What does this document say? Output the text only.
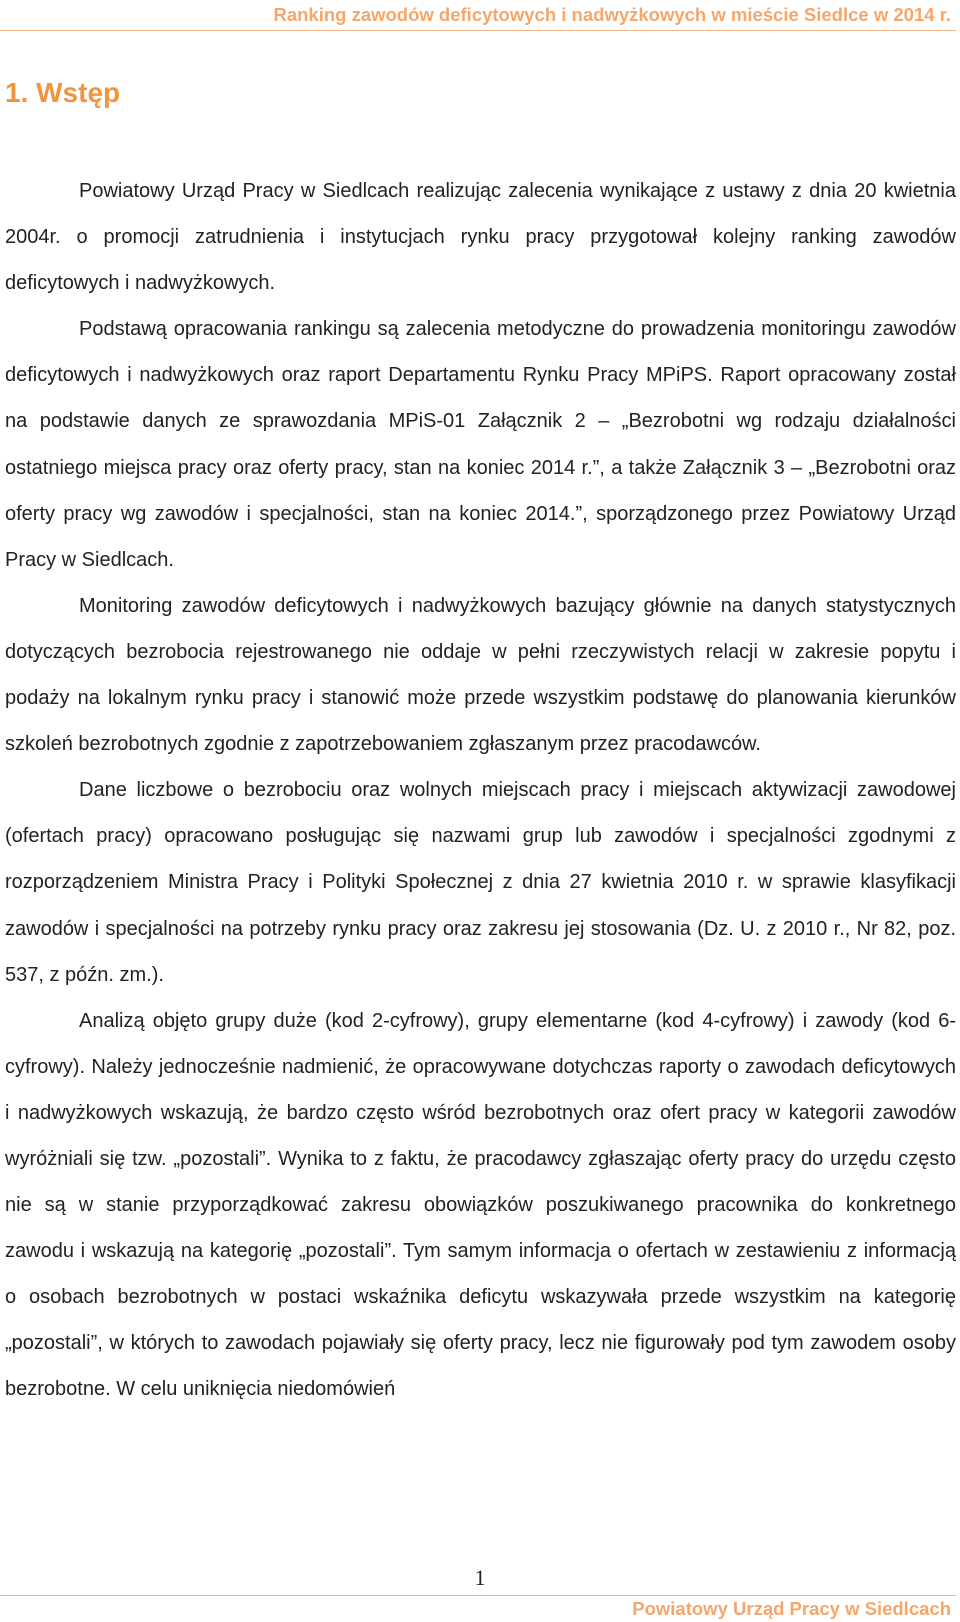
Ranking zawodów deficytowych i nadwyżkowych w mieście Siedlce w 2014 r.
1. Wstęp

Powiatowy Urząd Pracy w Siedlcach realizując zalecenia wynikające z ustawy z dnia 20 kwietnia 2004r. o promocji zatrudnienia i instytucjach rynku pracy przygotował kolejny ranking zawodów deficytowych i nadwyżkowych.

Podstawą opracowania rankingu są zalecenia metodyczne do prowadzenia monitoringu zawodów deficytowych i nadwyżkowych oraz raport Departamentu Rynku Pracy MPiPS. Raport opracowany został na podstawie danych ze sprawozdania MPiS-01 Załącznik 2 – „Bezrobotni wg rodzaju działalności ostatniego miejsca pracy oraz oferty pracy, stan na koniec 2014 r.”, a także Załącznik 3 – „Bezrobotni oraz oferty pracy wg zawodów i specjalności, stan na koniec 2014.”, sporządzonego przez Powiatowy Urząd Pracy w Siedlcach.

Monitoring zawodów deficytowych i nadwyżkowych bazujący głównie na danych statystycznych dotyczących bezrobocia rejestrowanego nie oddaje w pełni rzeczywistych relacji w zakresie popytu i podaży na lokalnym rynku pracy i stanowić może przede wszystkim podstawę do planowania kierunków szkoleń bezrobotnych zgodnie z zapotrzebowaniem zgłaszanym przez pracodawców.

Dane liczbowe o bezrobociu oraz wolnych miejscach pracy i miejscach aktywizacji zawodowej (ofertach pracy) opracowano posługując się nazwami grup lub zawodów i specjalności zgodnymi z rozporządzeniem Ministra Pracy i Polityki Społecznej z dnia 27 kwietnia 2010 r. w sprawie klasyfikacji zawodów i specjalności na potrzeby rynku pracy oraz zakresu jej stosowania (Dz. U. z 2010 r., Nr 82, poz. 537, z późn. zm.).

Analizą objęto grupy duże (kod 2-cyfrowy), grupy elementarne (kod 4-cyfrowy) i zawody (kod 6-cyfrowy). Należy jednocześnie nadmienić, że opracowywane dotychczas raporty o zawodach deficytowych i nadwyżkowych wskazują, że bardzo często wśród bezrobotnych oraz ofert pracy w kategorii zawodów wyróżniali się tzw. „pozostali”. Wynika to z faktu, że pracodawcy zgłaszając oferty pracy do urzędu często nie są w stanie przyporządkować zakresu obowiązków poszukiwanego pracownika do konkretnego zawodu i wskazują na kategorię „pozostali”. Tym samym informacja o ofertach w zestawieniu z informacją o osobach bezrobotnych w postaci wskaźnika deficytu wskazywała przede wszystkim na kategorię „pozostali”, w których to zawodach pojawiały się oferty pracy, lecz nie figurowały pod tym zawodem osoby bezrobotne. W celu uniknięcia niedomówień

1
Powiatowy Urząd Pracy w Siedlcach
